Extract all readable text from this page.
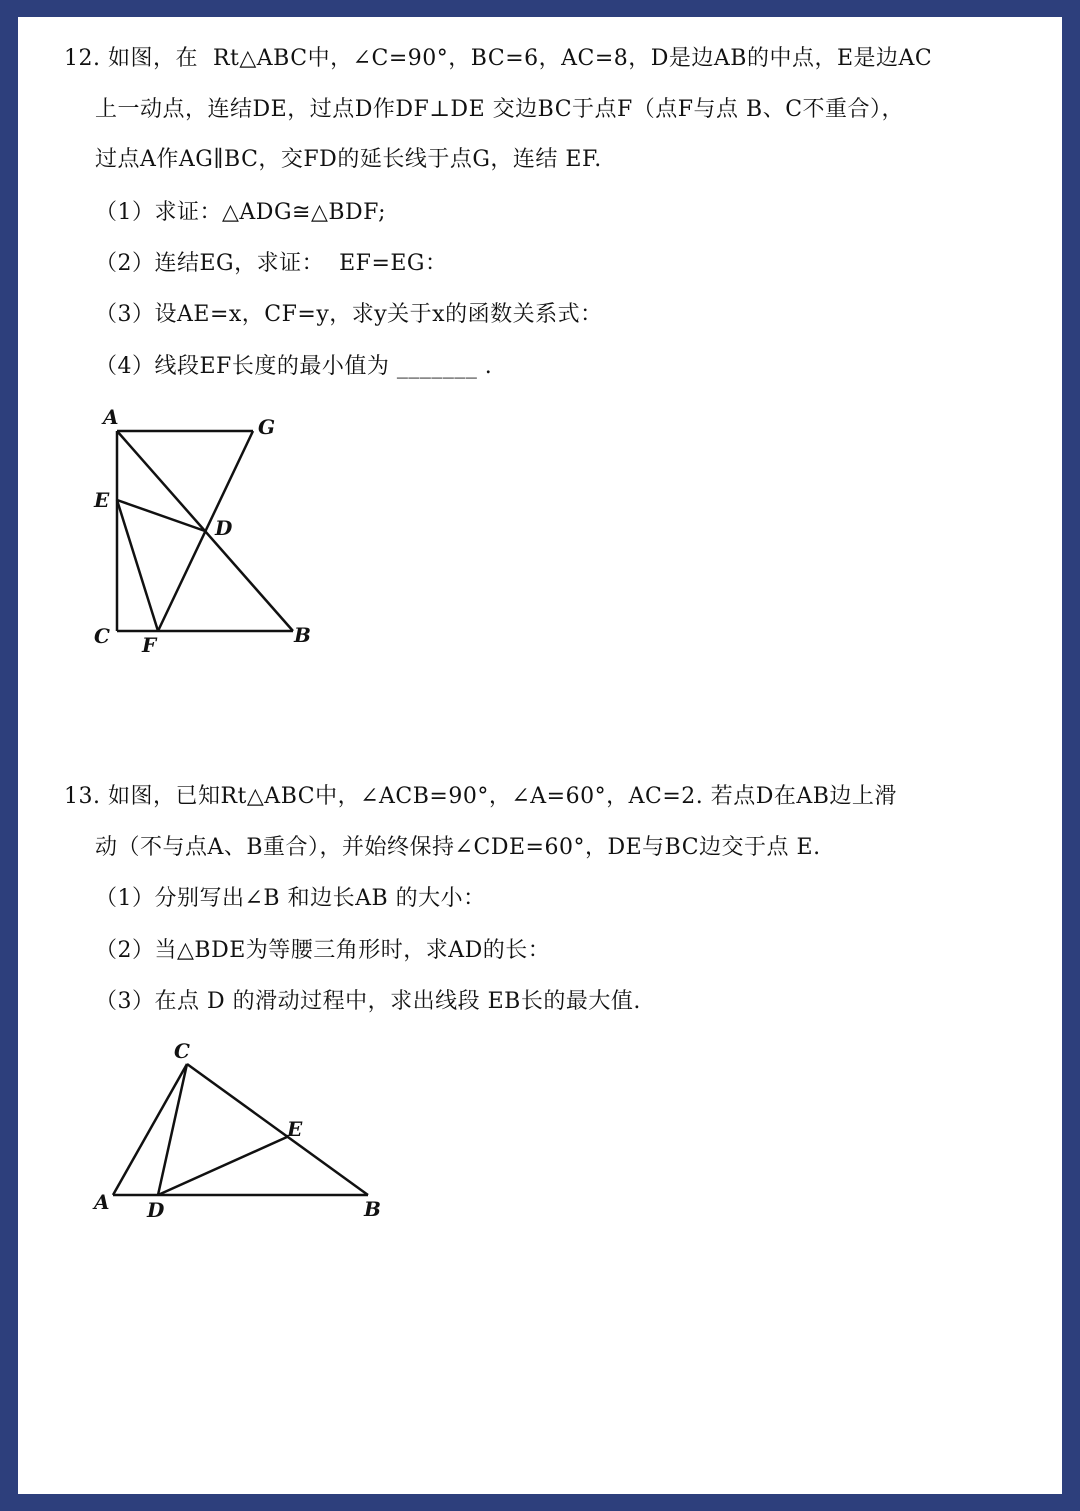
12. 如图，在  Rt△ABC中，∠C=90°，BC=6，AC=8，D是边AB的中点，E是边AC
上一动点，连结DE，过点D作DF⊥DE 交边BC于点F（点F与点 B、C不重合），
过点A作AG∥BC，交FD的延长线于点G，连结 EF.
（1）求证：△ADG≅△BDF;
（2）连结EG，求证：  EF=EG：
（3）设AE=x，CF=y，求y关于x的函数关系式：
（4）线段EF长度的最小值为 _______ .
A	G
E
D
C F	B
13. 如图，已知Rt△ABC中，∠ACB=90°，∠A=60°，AC=2. 若点D在AB边上滑
动（不与点A、B重合），并始终保持∠CDE=60°，DE与BC边交于点 E.
（1）分别写出∠B 和边长AB 的大小：
（2）当△BDE为等腰三角形时，求AD的长：
（3）在点 D 的滑动过程中，求出线段 EB长的最大值.
C
E
A D	B
